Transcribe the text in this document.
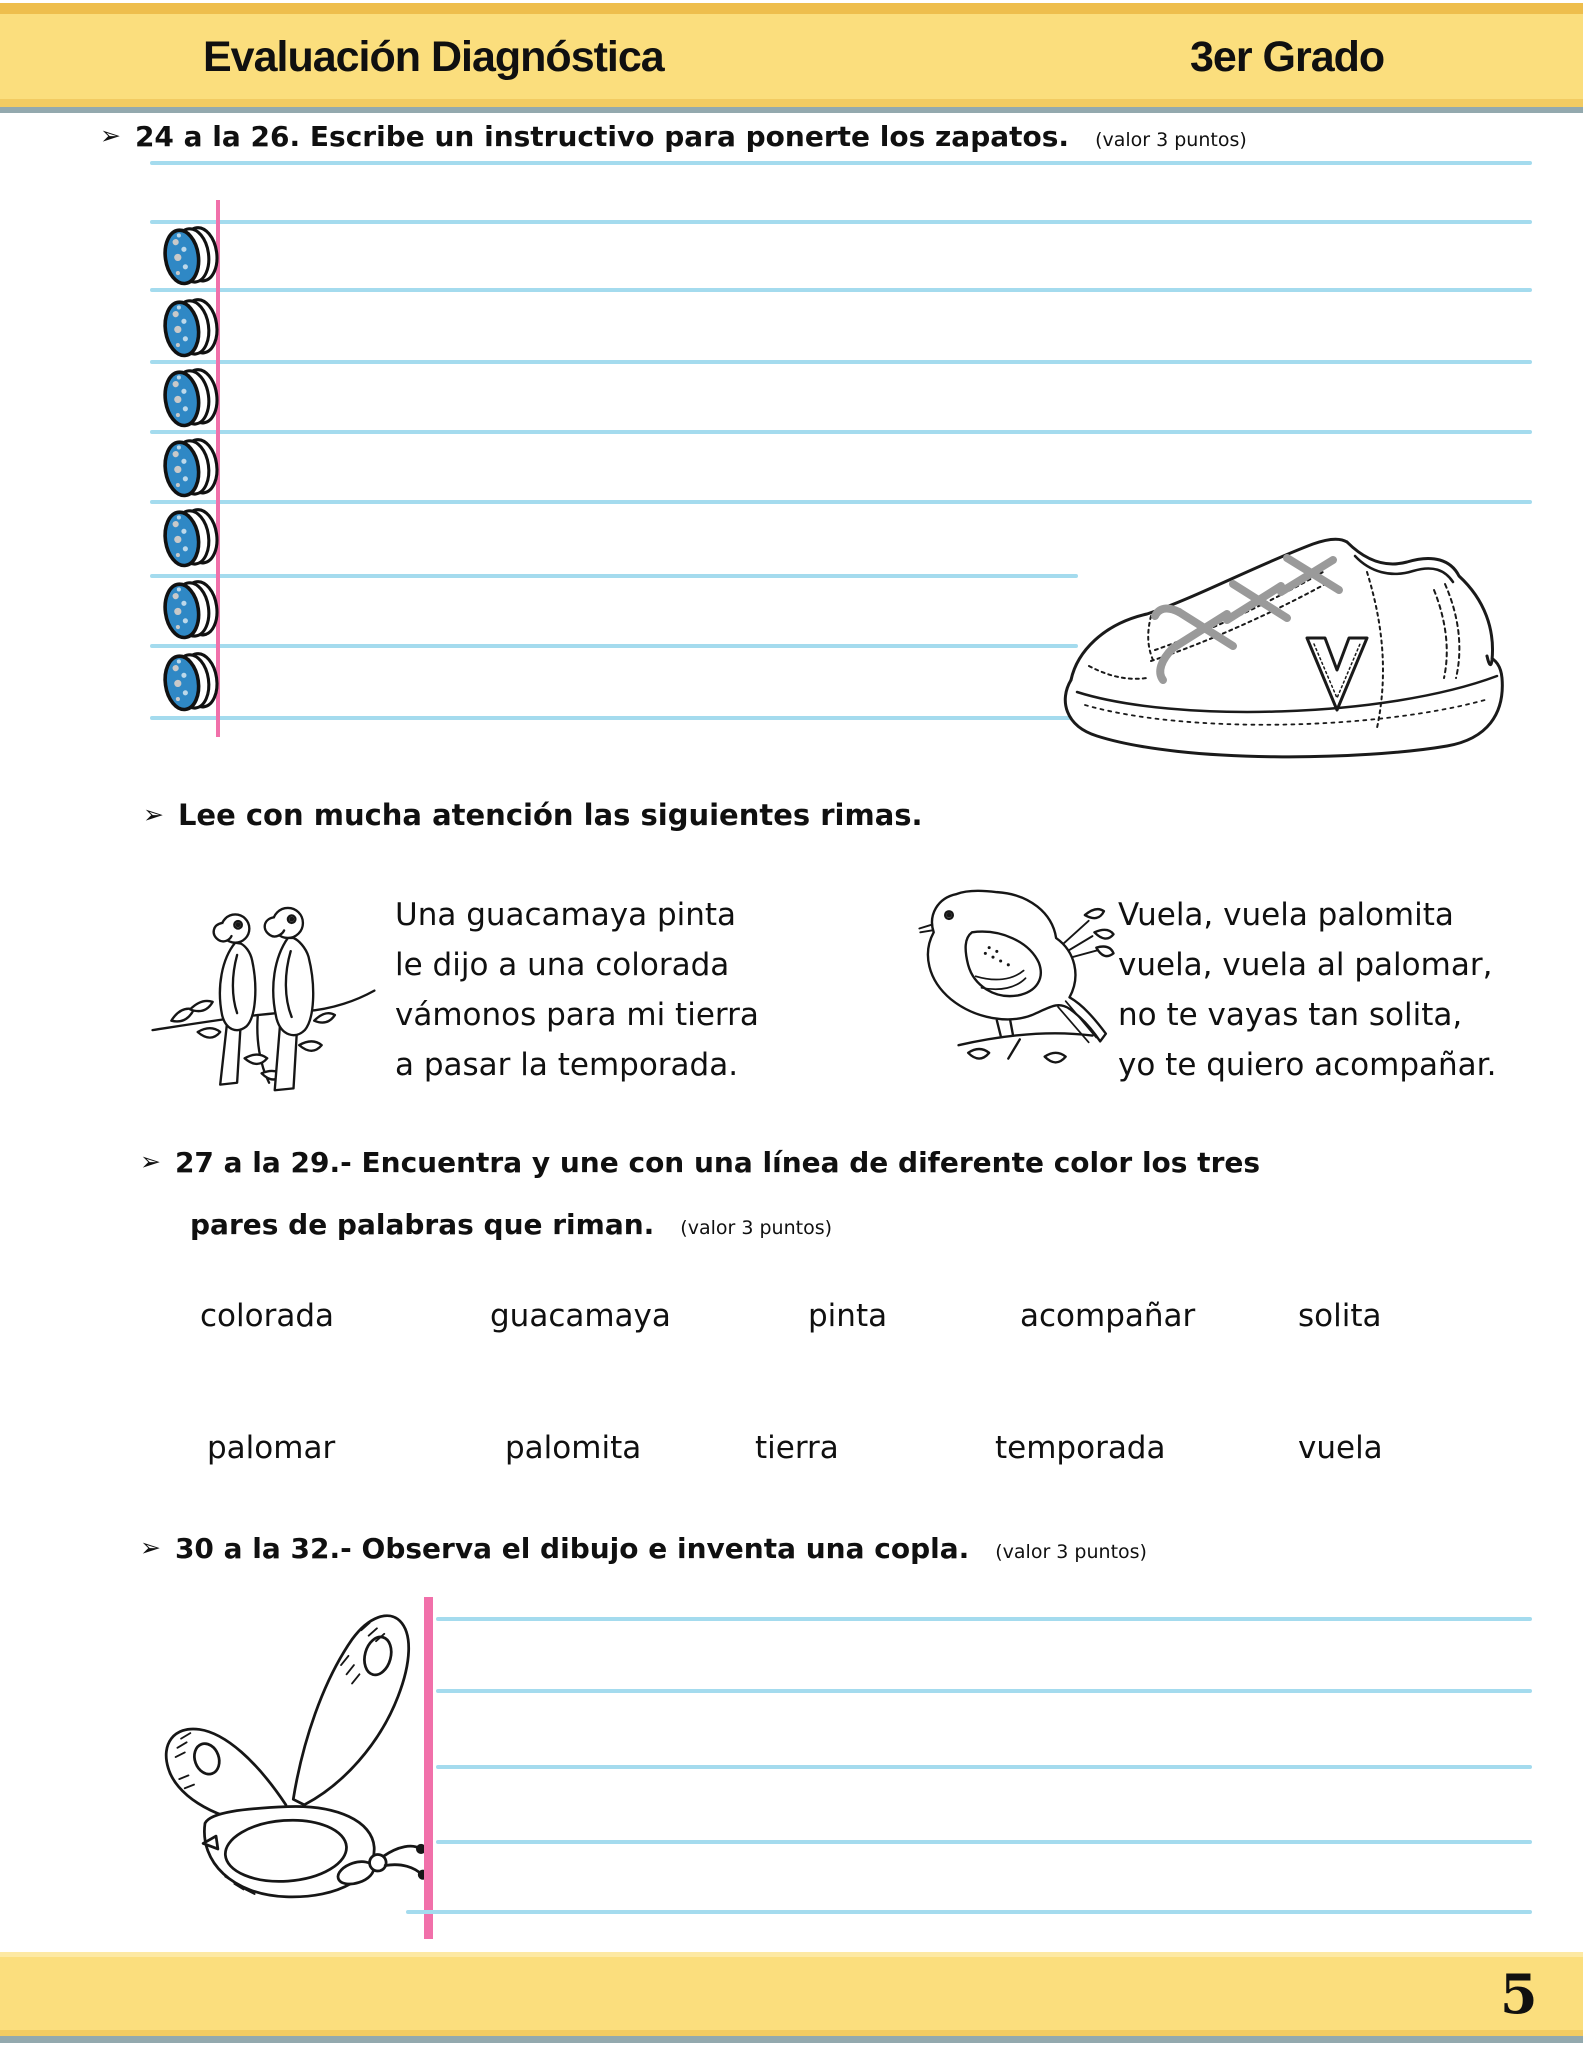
Evaluación Diagnóstica	3er Grado
➢ 24 a la 26. Escribe un instructivo para ponerte los zapatos. (valor 3 puntos)
➢ Lee con mucha atención las siguientes rimas.
Una guacamaya pinta
le dijo a una colorada
vámonos para mi tierra
a pasar la temporada.
Vuela, vuela palomita
vuela, vuela al palomar,
no te vayas tan solita,
yo te quiero acompañar.
➢ 27 a la 29.- Encuentra y une con una línea de diferente color los tres
pares de palabras que riman. (valor 3 puntos)
colorada	guacamaya	pinta	acompañar	solita
palomar	palomita	tierra	temporada	vuela
➢ 30 a la 32.- Observa el dibujo e inventa una copla. (valor 3 puntos)
5
